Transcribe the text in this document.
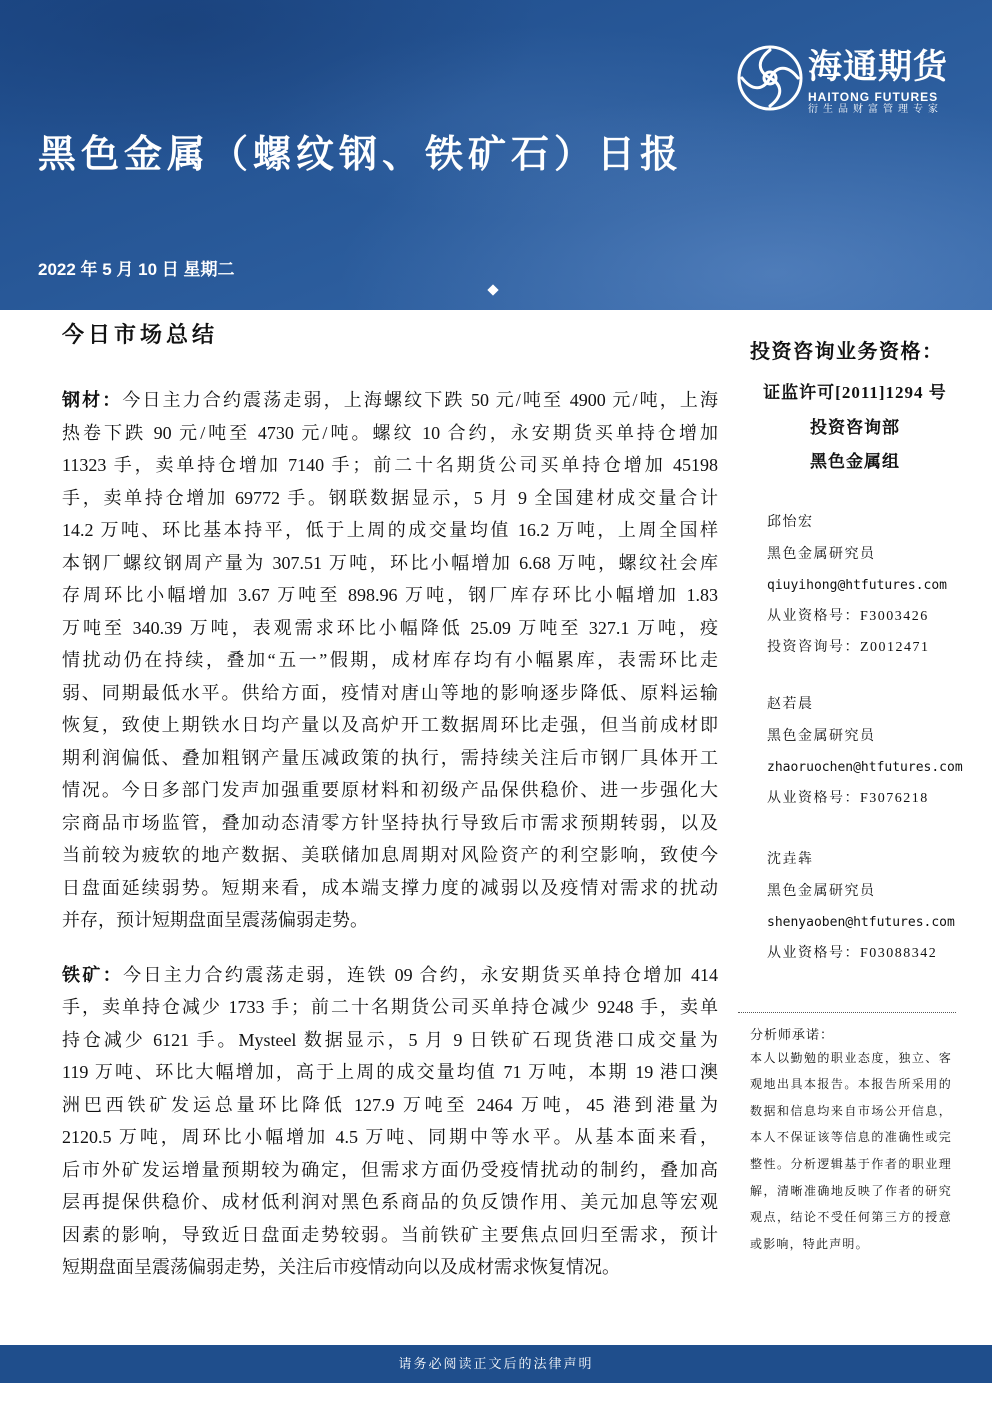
黑色金属（螺纹钢、铁矿石）日报
2022 年 5 月 10 日 星期二
海通期货
HAITONG FUTURES
衍生品财富管理专家
今日市场总结
钢材：今日主力合约震荡走弱，上海螺纹下跌 50 元/吨至 4900 元/吨，上海
热卷下跌 90 元/吨至 4730 元/吨。螺纹 10 合约，永安期货买单持仓增加
11323 手，卖单持仓增加 7140 手；前二十名期货公司买单持仓增加 45198
手，卖单持仓增加 69772 手。钢联数据显示，5 月 9 全国建材成交量合计
14.2 万吨、环比基本持平，低于上周的成交量均值 16.2 万吨，上周全国样
本钢厂螺纹钢周产量为 307.51 万吨，环比小幅增加 6.68 万吨，螺纹社会库
存周环比小幅增加 3.67 万吨至 898.96 万吨，钢厂库存环比小幅增加 1.83
万吨至 340.39 万吨，表观需求环比小幅降低 25.09 万吨至 327.1 万吨，疫
情扰动仍在持续，叠加“五一”假期，成材库存均有小幅累库，表需环比走
弱、同期最低水平。供给方面，疫情对唐山等地的影响逐步降低、原料运输
恢复，致使上期铁水日均产量以及高炉开工数据周环比走强，但当前成材即
期利润偏低、叠加粗钢产量压减政策的执行，需持续关注后市钢厂具体开工
情况。今日多部门发声加强重要原材料和初级产品保供稳价、进一步强化大
宗商品市场监管，叠加动态清零方针坚持执行导致后市需求预期转弱，以及
当前较为疲软的地产数据、美联储加息周期对风险资产的利空影响，致使今
日盘面延续弱势。短期来看，成本端支撑力度的减弱以及疫情对需求的扰动
并存，预计短期盘面呈震荡偏弱走势。
铁矿：今日主力合约震荡走弱，连铁 09 合约，永安期货买单持仓增加 414
手，卖单持仓减少 1733 手；前二十名期货公司买单持仓减少 9248 手，卖单
持仓减少 6121 手。Mysteel 数据显示，5 月 9 日铁矿石现货港口成交量为
119 万吨、环比大幅增加，高于上周的成交量均值 71 万吨，本期 19 港口澳
洲巴西铁矿发运总量环比降低 127.9 万吨至 2464 万吨，45 港到港量为
2120.5 万吨，周环比小幅增加 4.5 万吨、同期中等水平。从基本面来看，
后市外矿发运增量预期较为确定，但需求方面仍受疫情扰动的制约，叠加高
层再提保供稳价、成材低利润对黑色系商品的负反馈作用、美元加息等宏观
因素的影响，导致近日盘面走势较弱。当前铁矿主要焦点回归至需求，预计
短期盘面呈震荡偏弱走势，关注后市疫情动向以及成材需求恢复情况。
投资咨询业务资格：
证监许可[2011]1294 号
投资咨询部
黑色金属组
邱怡宏
黑色金属研究员
qiuyihong@htfutures.com
从业资格号：F3003426
投资咨询号：Z0012471
赵若晨
黑色金属研究员
zhaoruochen@htfutures.com
从业资格号：F3076218
沈垚犇
黑色金属研究员
shenyaoben@htfutures.com
从业资格号：F03088342
分析师承诺：
本人以勤勉的职业态度，独立、客
观地出具本报告。本报告所采用的
数据和信息均来自市场公开信息，
本人不保证该等信息的准确性或完
整性。分析逻辑基于作者的职业理
解，清晰准确地反映了作者的研究
观点，结论不受任何第三方的授意
或影响，特此声明。
请务必阅读正文后的法律声明
